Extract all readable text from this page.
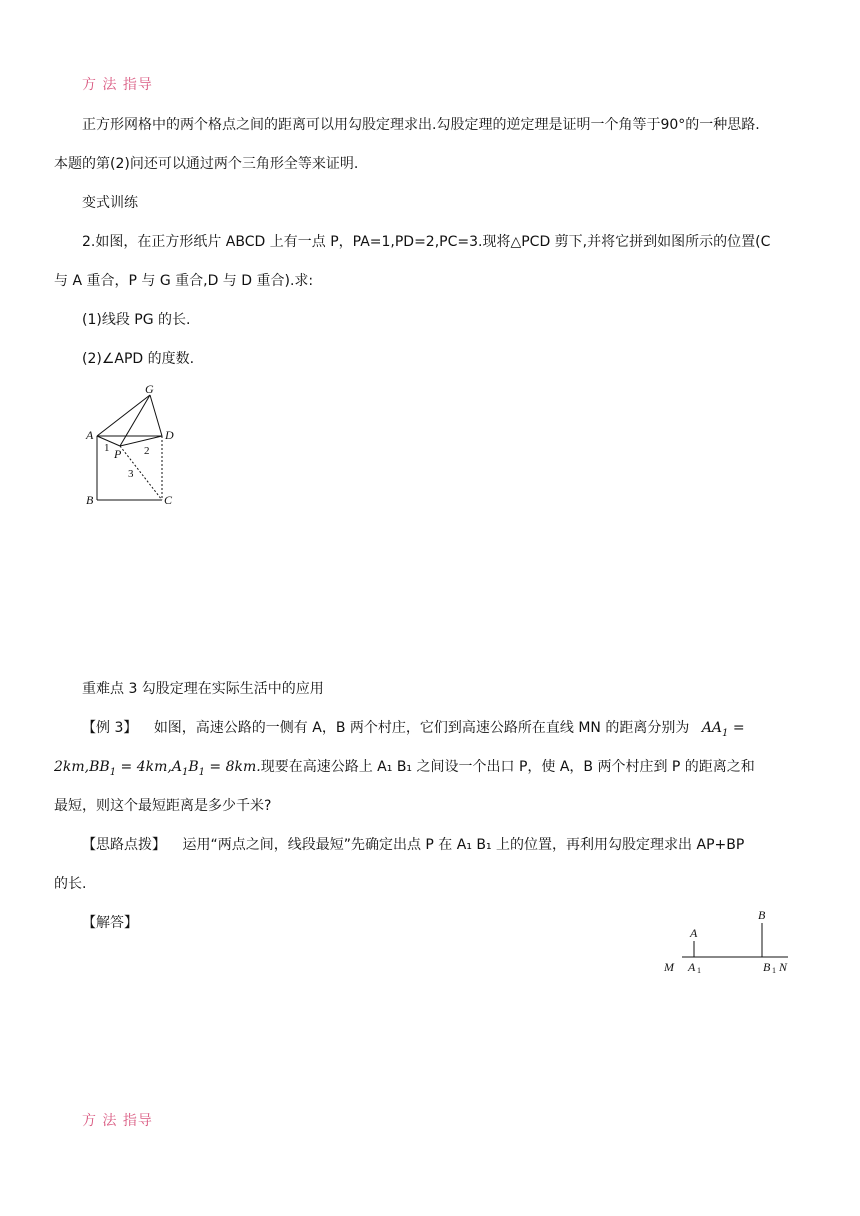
方 法 指导
正方形网格中的两个格点之间的距离可以用勾股定理求出.勾股定理的逆定理是证明一个角等于90°的一种思路.
本题的第(2)问还可以通过两个三角形全等来证明.
变式训练
2.如图，在正方形纸片 ABCD 上有一点 P，PA=1,PD=2,PC=3.现将△PCD 剪下,并将它拼到如图所示的位置(C
与 A 重合，P 与 G 重合,D 与 D 重合).求:
(1)线段 PG 的长.
(2)∠APD 的度数.
G
A	D
P
B	C
1	2
3
重难点 3 勾股定理在实际生活中的应用
【例 3】 如图，高速公路的一侧有 A，B 两个村庄，它们到高速公路所在直线 MN 的距离分别为 $AA_1$ =
$2km,BB_1 = 4km,A_1B_1 = 8km$.现要在高速公路上 A₁ B₁ 之间设一个出口 P，使 A，B 两个村庄到 P 的距离之和
最短，则这个最短距离是多少千米?
【思路点拨】 运用“两点之间，线段最短”先确定出点 P 在 A₁ B₁ 上的位置，再利用勾股定理求出 AP+BP
的长.
【解答】	B
A
M A 1	B 1 N
方 法 指导
